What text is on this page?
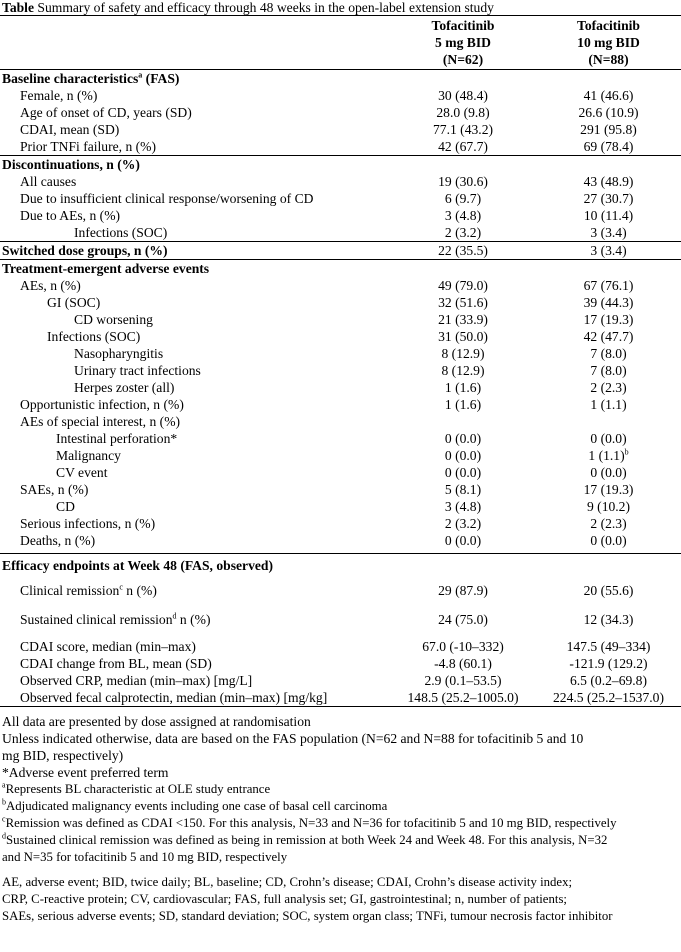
Table Summary of safety and efficacy through 48 weeks in the open-label extension study
	Tofacitinib
5 mg BID
(N=62)	Tofacitinib
10 mg BID
(N=88)
Baseline characteristics$^a$ (FAS)		
Female, n (%)	30 (48.4)	41 (46.6)
Age of onset of CD, years (SD)	28.0 (9.8)	26.6 (10.9)
CDAI, mean (SD)	77.1 (43.2)	291 (95.8)
Prior TNFi failure, n (%)	42 (67.7)	69 (78.4)
Discontinuations, n (%)		
All causes	19 (30.6)	43 (48.9)
Due to insufficient clinical response/worsening of CD	6 (9.7)	27 (30.7)
Due to AEs, n (%)	3 (4.8)	10 (11.4)
Infections (SOC)	2 (3.2)	3 (3.4)
Switched dose groups, n (%)	22 (35.5)	3 (3.4)
Treatment-emergent adverse events		
AEs, n (%)	49 (79.0)	67 (76.1)
GI (SOC)	32 (51.6)	39 (44.3)
CD worsening	21 (33.9)	17 (19.3)
Infections (SOC)	31 (50.0)	42 (47.7)
Nasopharyngitis	8 (12.9)	7 (8.0)
Urinary tract infections	8 (12.9)	7 (8.0)
Herpes zoster (all)	1 (1.6)	2 (2.3)
Opportunistic infection, n (%)	1 (1.6)	1 (1.1)
AEs of special interest, n (%)		
Intestinal perforation*	0 (0.0)	0 (0.0)
Malignancy	0 (0.0)	1 $(1.1)^b$
CV event	0 (0.0)	0 (0.0)
SAEs, n (%)	5 (8.1)	17 (19.3)
CD	3 (4.8)	9 (10.2)
Serious infections, n (%)	2 (3.2)	2 (2.3)
Deaths, n (%)	0 (0.0)	0 (0.0)

Efficacy endpoints at Week 48 (FAS, observed)		
Clinical remission$^c$ n (%)	29 (87.9)	20 (55.6)
Sustained clinical remission$^d$ n (%)	24 (75.0)	12 (34.3)

CDAI score, median (min–max)	67.0 (-10–332)	147.5 (49–334)
CDAI change from BL, mean (SD)	-4.8 (60.1)	-121.9 (129.2)
Observed CRP, median (min–max) [mg/L]	2.9 (0.1–53.5)	6.5 (0.2–69.8)
Observed fecal calprotectin, median (min–max) [mg/kg]	148.5 (25.2–1005.0)	224.5 (25.2–1537.0)
All data are presented by dose assigned at randomisation
Unless indicated otherwise, data are based on the FAS population (N=62 and N=88 for tofacitinib 5 and 10 mg BID, respectively)
*Adverse event preferred term
$^a$Represents BL characteristic at OLE study entrance
$^b$Adjudicated malignancy events including one case of basal cell carcinoma
$^c$Remission was defined as CDAI <150. For this analysis, N=33 and N=36 for tofacitinib 5 and 10 mg BID, respectively
$^d$Sustained clinical remission was defined as being in remission at both Week 24 and Week 48. For this analysis, N=32
and N=35 for tofacitinib 5 and 10 mg BID, respectively
AE, adverse event; BID, twice daily; BL, baseline; CD, Crohn’s disease; CDAI, Crohn’s disease activity index;
CRP, C-reactive protein; CV, cardiovascular; FAS, full analysis set; GI, gastrointestinal; n, number of patients;
SAEs, serious adverse events; SD, standard deviation; SOC, system organ class; TNFi, tumour necrosis factor inhibitor
